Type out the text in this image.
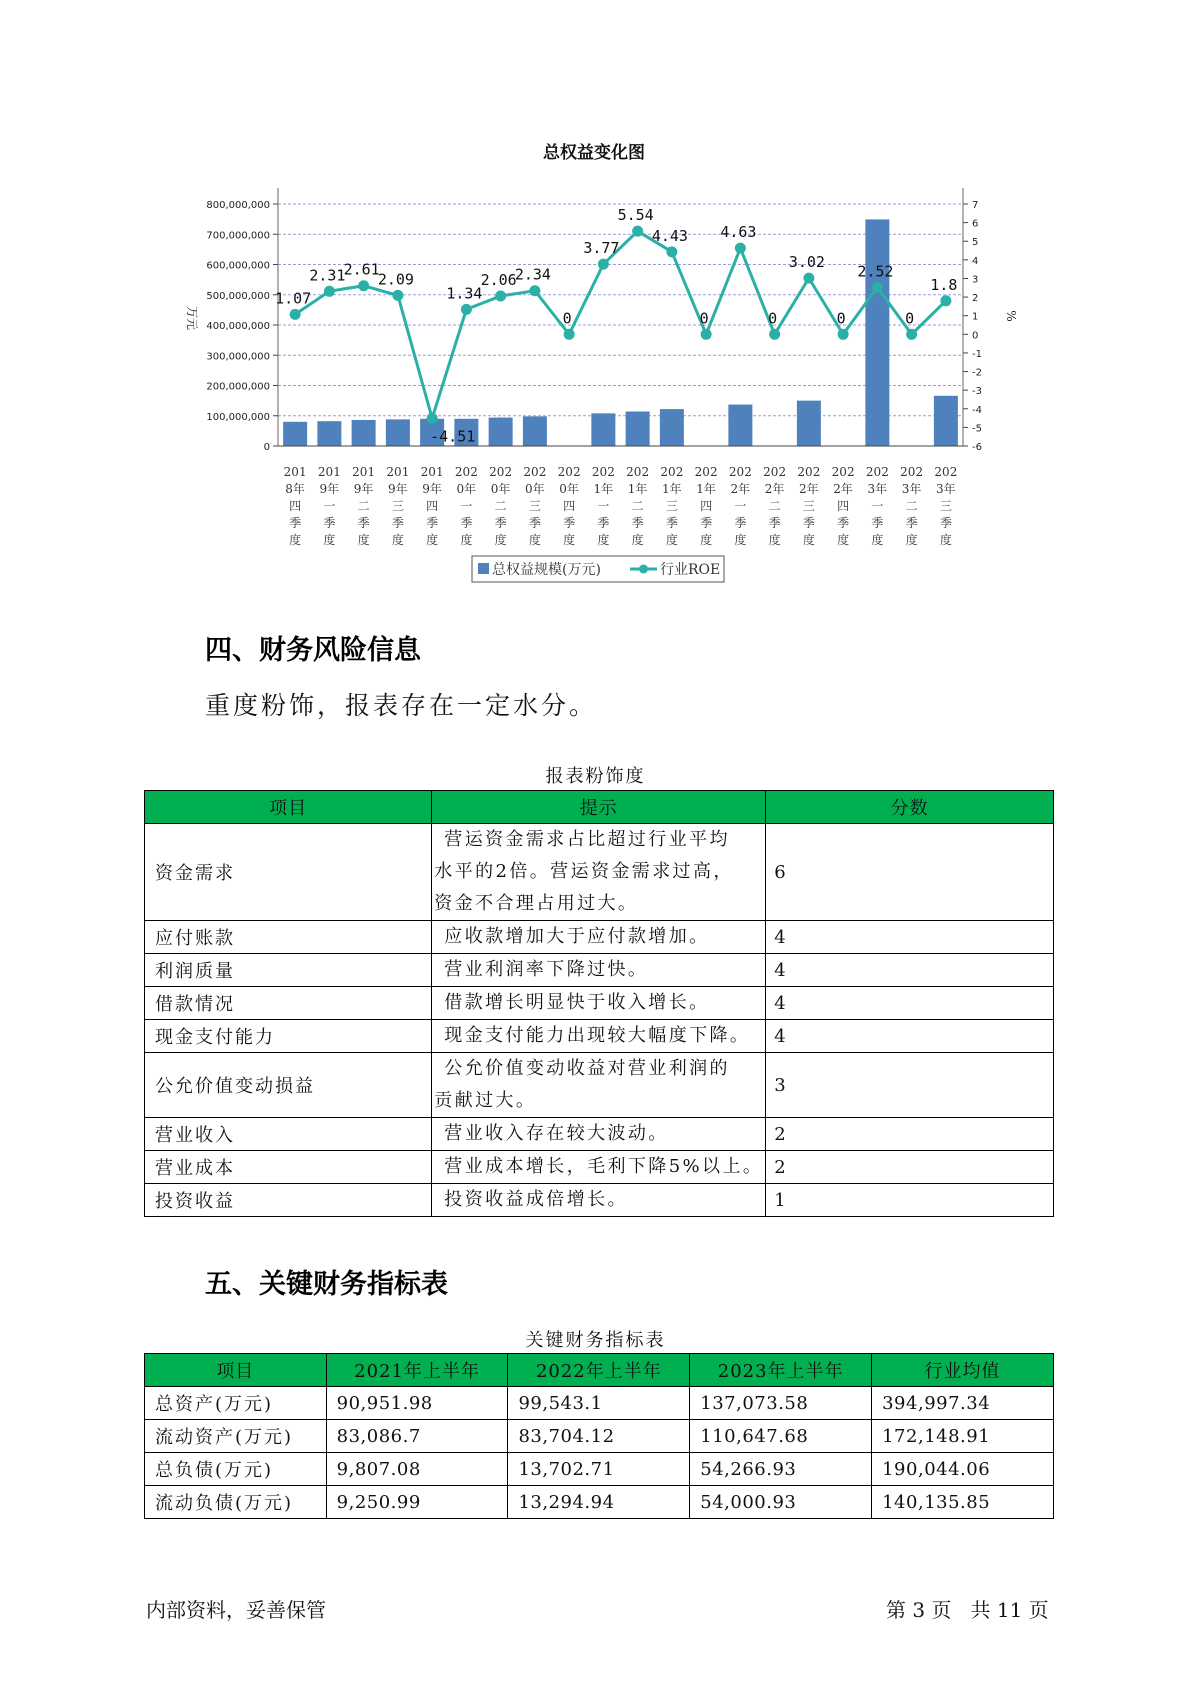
总权益变化图
0
100,000,000
200,000,000
300,000,000
400,000,000
500,000,000
600,000,000
700,000,000
800,000,000	7
6
5
4
3
2
1
0
-1
-2
-3
-4
-5
-6
201 8年四季度
201 9年一季度
201 9年二季度
201 9年三季度
201 9年四季度
202 0年一季度
202 0年二季度
202 0年三季度
202 0年四季度
202 1年一季度
202 1年二季度
202 1年三季度
202 1年四季度
202 2年一季度
202 2年二季度
202 2年三季度
202 2年四季度
202 3年一季度
202 3年二季度
202 3年三季度
1.07
2.31
2.61
2.09
-4.51
1.34
2.06
2.34
0
3.77
5.54
4.43
0
4.63
0
3.02
0
2.52
0
1.8
万元	%
总权益规模(万元)	行业ROE
四、财务风险信息

重度粉饰，报表存在一定水分。

报表粉饰度
项目	提示	分数
资金需求	营运资金需求占比超过行业平均
水平的2倍。营运资金需求过高，
资金不合理占用过大。	6
应付账款	应收款增加大于应付款增加。	4
利润质量	营业利润率下降过快。	4
借款情况	借款增长明显快于收入增长。	4
现金支付能力	现金支付能力出现较大幅度下降。	4
公允价值变动损益	公允价值变动收益对营业利润的
贡献过大。	3
营业收入	营业收入存在较大波动。	2
营业成本	营业成本增长，毛利下降5%以上。	2
投资收益	投资收益成倍增长。	1
五、关键财务指标表
关键财务指标表
项目	2021年上半年	2022年上半年	2023年上半年	行业均值
总资产(万元)	90,951.98	99,543.1	137,073.58	394,997.34
流动资产(万元)	83,086.7	83,704.12	110,647.68	172,148.91
总负债(万元)	9,807.08	13,702.71	54,266.93	190,044.06
流动负债(万元)	9,250.99	13,294.94	54,000.93	140,135.85
内部资料，妥善保管	第 3 页   共 11 页
